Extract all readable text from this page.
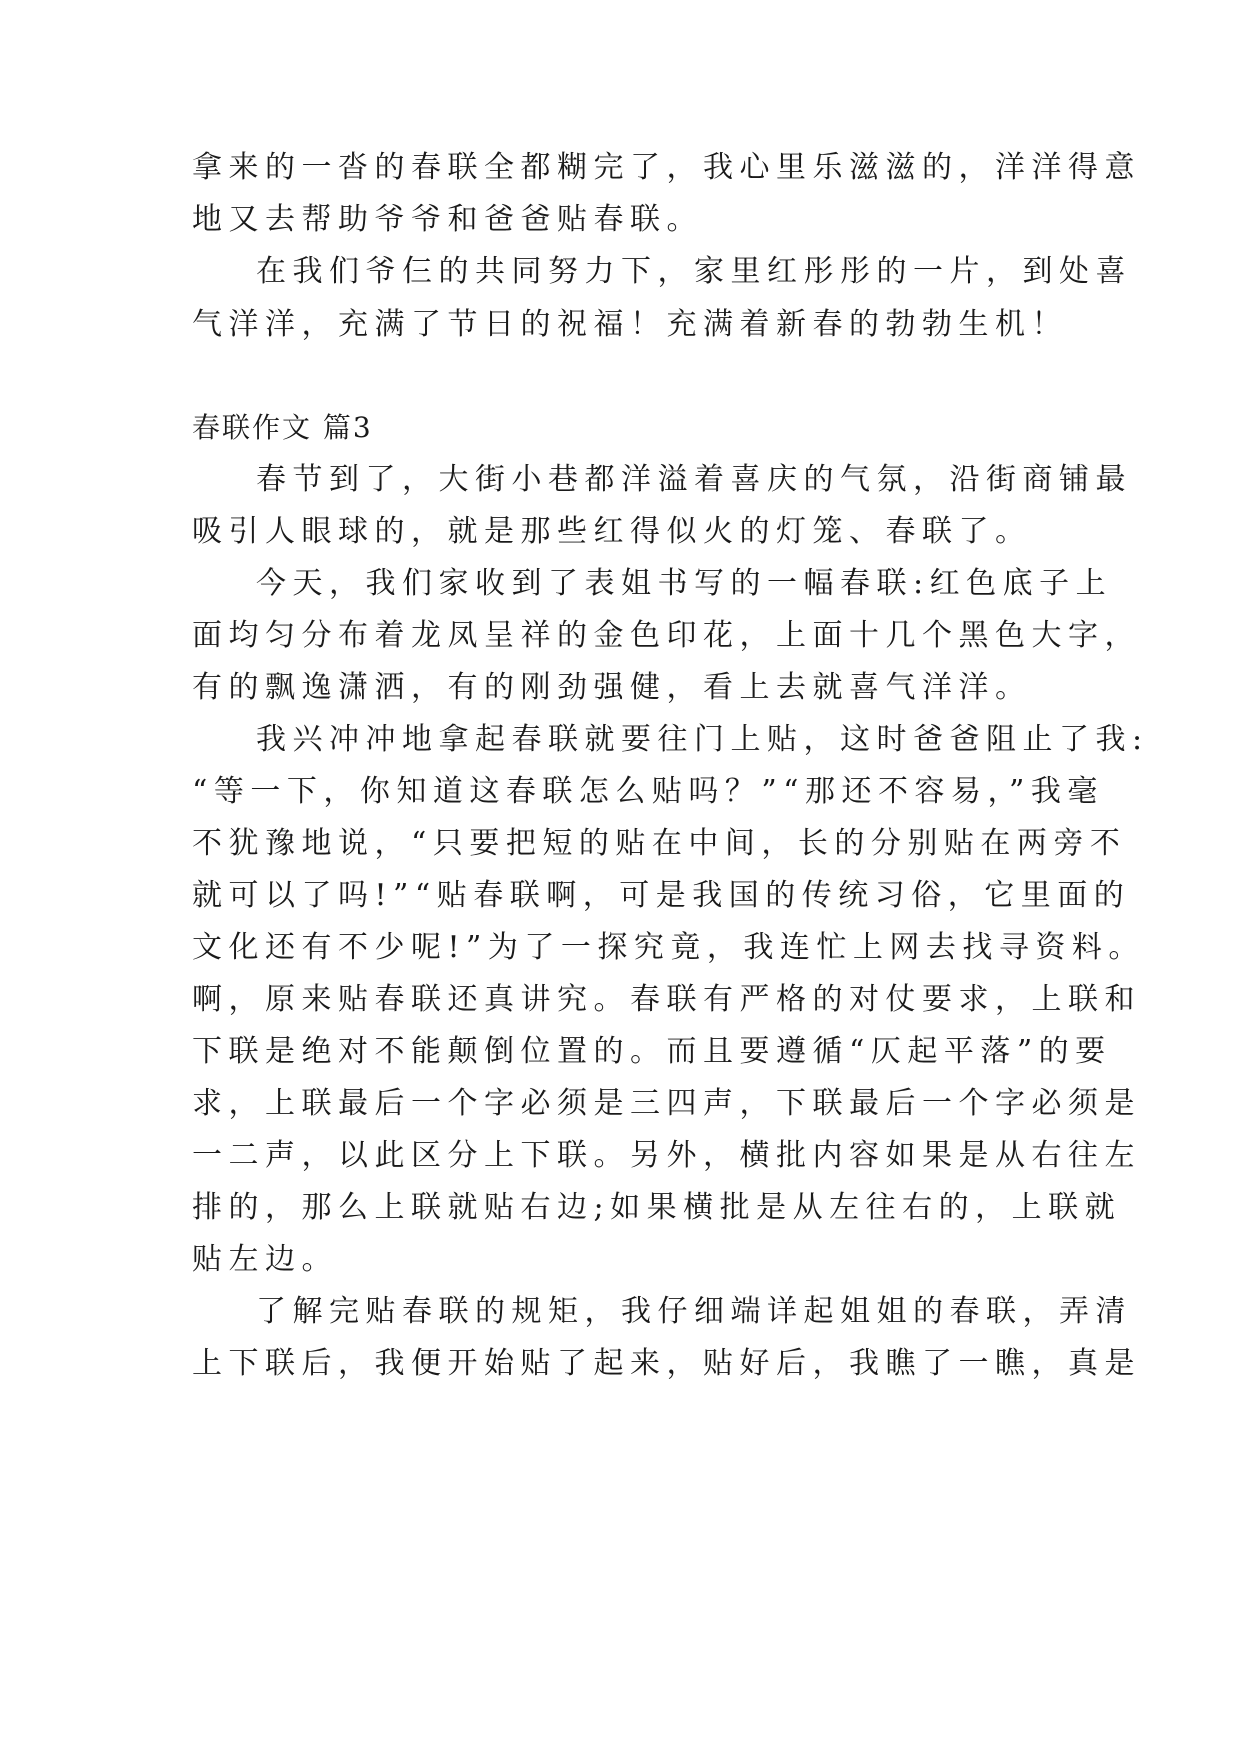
拿来的一沓的春联全都糊完了，我心里乐滋滋的，洋洋得意
地又去帮助爷爷和爸爸贴春联。
在我们爷仨的共同努力下，家里红彤彤的一片，到处喜
气洋洋，充满了节日的祝福！充满着新春的勃勃生机！
春联作文 篇3
春节到了，大街小巷都洋溢着喜庆的气氛，沿街商铺最
吸引人眼球的，就是那些红得似火的灯笼、春联了。
今天，我们家收到了表姐书写的一幅春联:红色底子上
面均匀分布着龙凤呈祥的金色印花，上面十几个黑色大字，
有的飘逸潇洒，有的刚劲强健，看上去就喜气洋洋。
我兴冲冲地拿起春联就要往门上贴，这时爸爸阻止了我:
“等一下，你知道这春联怎么贴吗？”“那还不容易，”我毫
不犹豫地说，“只要把短的贴在中间，长的分别贴在两旁不
就可以了吗!”“贴春联啊，可是我国的传统习俗，它里面的
文化还有不少呢!”为了一探究竟，我连忙上网去找寻资料。
啊，原来贴春联还真讲究。春联有严格的对仗要求，上联和
下联是绝对不能颠倒位置的。而且要遵循“仄起平落”的要
求，上联最后一个字必须是三四声，下联最后一个字必须是
一二声，以此区分上下联。另外，横批内容如果是从右往左
排的，那么上联就贴右边;如果横批是从左往右的，上联就
贴左边。
了解完贴春联的规矩，我仔细端详起姐姐的春联，弄清
上下联后，我便开始贴了起来，贴好后，我瞧了一瞧，真是
